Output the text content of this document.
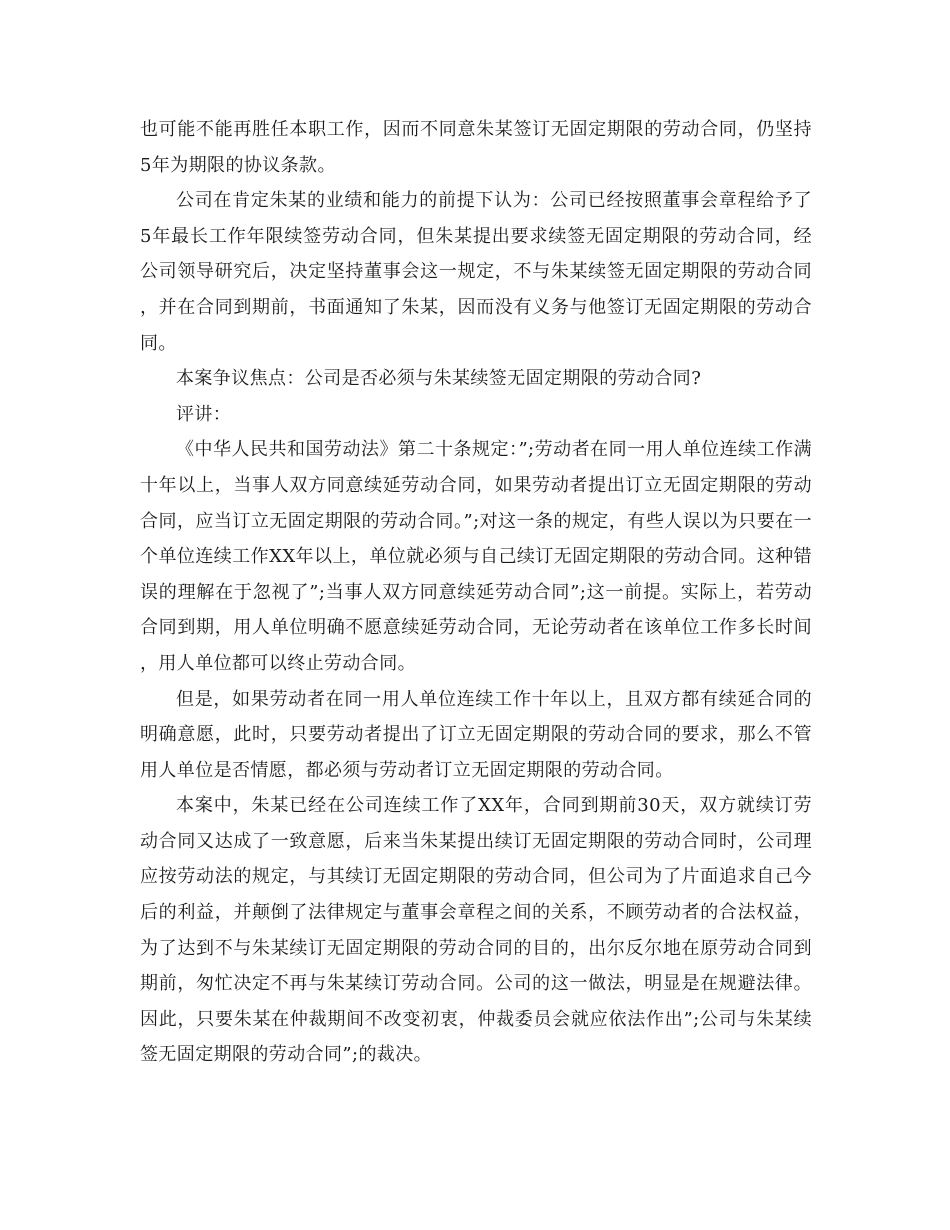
也可能不能再胜任本职工作，因而不同意朱某签订无固定期限的劳动合同，仍坚持5年为期限的协议条款。

公司在肯定朱某的业绩和能力的前提下认为：公司已经按照董事会章程给予了5年最长工作年限续签劳动合同，但朱某提出要求续签无固定期限的劳动合同，经公司领导研究后，决定坚持董事会这一规定，不与朱某续签无固定期限的劳动合同，并在合同到期前，书面通知了朱某，因而没有义务与他签订无固定期限的劳动合同。

本案争议焦点：公司是否必须与朱某续签无固定期限的劳动合同?

评讲：

《中华人民共和国劳动法》第二十条规定：”;劳动者在同一用人单位连续工作满十年以上，当事人双方同意续延劳动合同，如果劳动者提出订立无固定期限的劳动合同，应当订立无固定期限的劳动合同。”;对这一条的规定，有些人误以为只要在一个单位连续工作XX年以上，单位就必须与自己续订无固定期限的劳动合同。这种错误的理解在于忽视了”;当事人双方同意续延劳动合同”;这一前提。实际上，若劳动合同到期，用人单位明确不愿意续延劳动合同，无论劳动者在该单位工作多长时间，用人单位都可以终止劳动合同。

但是，如果劳动者在同一用人单位连续工作十年以上，且双方都有续延合同的明确意愿，此时，只要劳动者提出了订立无固定期限的劳动合同的要求，那么不管用人单位是否情愿，都必须与劳动者订立无固定期限的劳动合同。

本案中，朱某已经在公司连续工作了XX年，合同到期前30天，双方就续订劳动合同又达成了一致意愿，后来当朱某提出续订无固定期限的劳动合同时，公司理应按劳动法的规定，与其续订无固定期限的劳动合同，但公司为了片面追求自己今后的利益，并颠倒了法律规定与董事会章程之间的关系，不顾劳动者的合法权益，为了达到不与朱某续订无固定期限的劳动合同的目的，出尔反尔地在原劳动合同到期前，匆忙决定不再与朱某续订劳动合同。公司的这一做法，明显是在规避法律。因此，只要朱某在仲裁期间不改变初衷，仲裁委员会就应依法作出”;公司与朱某续签无固定期限的劳动合同”;的裁决。
